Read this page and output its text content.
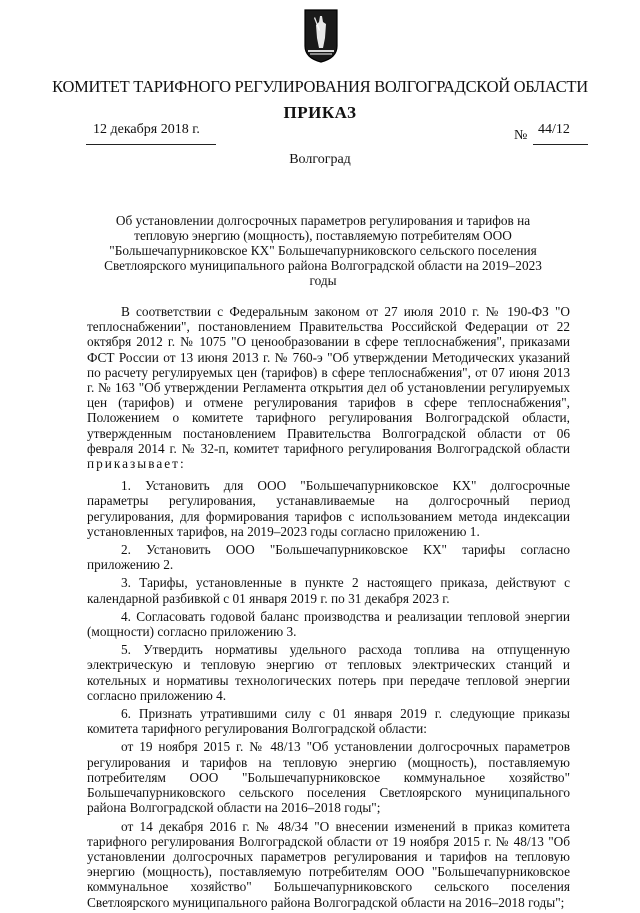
КОМИТЕТ ТАРИФНОГО РЕГУЛИРОВАНИЯ ВОЛГОГРАДСКОЙ ОБЛАСТИ
ПРИКАЗ
12 декабря 2018 г.	№ 44/12
Волгоград
Об установлении долгосрочных параметров регулирования и тарифов на тепловую энергию (мощность), поставляемую потребителям ООО "Большечапурниковское КХ" Большечапурниковского сельского поселения Светлоярского муниципального района Волгоградской области на 2019–2023 годы

В соответствии с Федеральным законом от 27 июля 2010 г. № 190-ФЗ "О теплоснабжении", постановлением Правительства Российской Федерации от 22 октября 2012 г. № 1075 "О ценообразовании в сфере теплоснабжения", приказами ФСТ России от 13 июня 2013 г. № 760-э "Об утверждении Методических указаний по расчету регулируемых цен (тарифов) в сфере теплоснабжения", от 07 июня 2013 г. № 163 "Об утверждении Регламента открытия дел об установлении регулируемых цен (тарифов) и отмене регулирования тарифов в сфере теплоснабжения", Положением о комитете тарифного регулирования Волгоградской области, утвержденным постановлением Правительства Волгоградской области от 06 февраля 2014 г. № 32-п, комитет тарифного регулирования Волгоградской области приказывает:

1. Установить для ООО "Большечапурниковское КХ" долгосрочные параметры регулирования, устанавливаемые на долгосрочный период регулирования, для формирования тарифов с использованием метода индексации установленных тарифов, на 2019–2023 годы согласно приложению 1.

2. Установить ООО "Большечапурниковское КХ" тарифы согласно приложению 2.

3. Тарифы, установленные в пункте 2 настоящего приказа, действуют с календарной разбивкой с 01 января 2019 г. по 31 декабря 2023 г.

4. Согласовать годовой баланс производства и реализации тепловой энергии (мощности) согласно приложению 3.

5. Утвердить нормативы удельного расхода топлива на отпущенную электрическую и тепловую энергию от тепловых электрических станций и котельных и нормативы технологических потерь при передаче тепловой энергии согласно приложению 4.

6. Признать утратившими силу с 01 января 2019 г. следующие приказы комитета тарифного регулирования Волгоградской области:

от 19 ноября 2015 г. № 48/13 "Об установлении долгосрочных параметров регулирования и тарифов на тепловую энергию (мощность), поставляемую потребителям ООО "Большечапурниковское коммунальное хозяйство" Большечапурниковского сельского поселения Светлоярского муниципального района Волгоградской области на 2016–2018 годы";

от 14 декабря 2016 г. № 48/34 "О внесении изменений в приказ комитета тарифного регулирования Волгоградской области от 19 ноября 2015 г. № 48/13 "Об установлении долгосрочных параметров регулирования и тарифов на тепловую энергию (мощность), поставляемую потребителям ООО "Большечапурниковское коммунальное хозяйство" Большечапурниковского сельского поселения Светлоярского муниципального района Волгоградской области на 2016–2018 годы";
